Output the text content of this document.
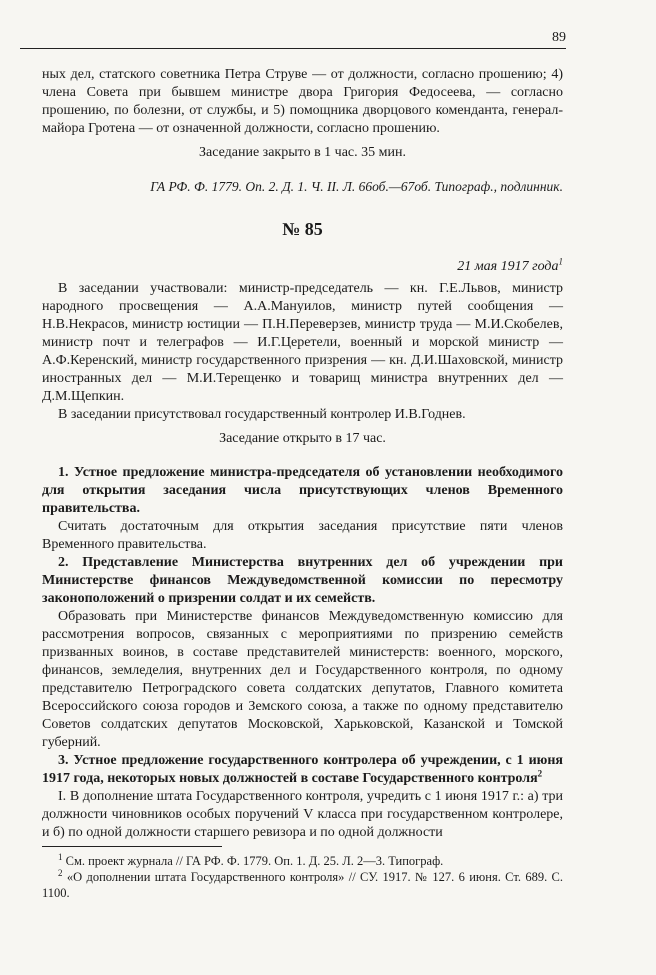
89

ных дел, статского советника Петра Струве — от должности, согласно прошению; 4) члена Совета при бывшем министре двора Григория Федосеева, — согласно прошению, по болезни, от службы, и 5) помощника дворцового коменданта, генерал-майора Гротена — от означенной должности, согласно прошению.

Заседание закрыто в 1 час. 35 мин.

ГА РФ. Ф. 1779. Оп. 2. Д. 1. Ч. II. Л. 66об.—67об. Типограф., подлинник.

№ 85

21 мая 1917 года$^1$

В заседании участвовали: министр-председатель — кн. Г.Е.Львов, министр народного просвещения — А.А.Мануилов, министр путей сообщения — Н.В.Некрасов, министр юстиции — П.Н.Переверзев, министр труда — М.И.Скобелев, министр почт и телеграфов — И.Г.Церетели, военный и морской министр — А.Ф.Керенский, министр государственного призрения — кн. Д.И.Шаховской, министр иностранных дел — М.И.Терещенко и товарищ министра внутренних дел — Д.М.Щепкин.

В заседании присутствовал государственный контролер И.В.Годнев.

Заседание открыто в 17 час.

1. Устное предложение министра-председателя об установлении необходимого для открытия заседания числа присутствующих членов Временного правительства.

Считать достаточным для открытия заседания присутствие пяти членов Временного правительства.

2. Представление Министерства внутренних дел об учреждении при Министерстве финансов Междуведомственной комиссии по пересмотру законоположений о призрении солдат и их семейств.

Образовать при Министерстве финансов Междуведомственную комиссию для рассмотрения вопросов, связанных с мероприятиями по призрению семейств призванных воинов, в составе представителей министерств: военного, морского, финансов, земледелия, внутренних дел и Государственного контроля, по одному представителю Петроградского совета солдатских депутатов, Главного комитета Всероссийского союза городов и Земского союза, а также по одному представителю Советов солдатских депутатов Московской, Харьковской, Казанской и Томской губерний.

3. Устное предложение государственного контролера об учреждении, с 1 июня 1917 года, некоторых новых должностей в составе Государственного контроля$^2$

I. В дополнение штата Государственного контроля, учредить с 1 июня 1917 г.: а) три должности чиновников особых поручений V класса при государственном контролере, и б) по одной должности старшего ревизора и по одной должности

$^1$ См. проект журнала // ГА РФ. Ф. 1779. Оп. 1. Д. 25. Л. 2—3. Типограф.

$^2$ «О дополнении штата Государственного контроля» // СУ. 1917. № 127. 6 июня. Ст. 689. С. 1100.
